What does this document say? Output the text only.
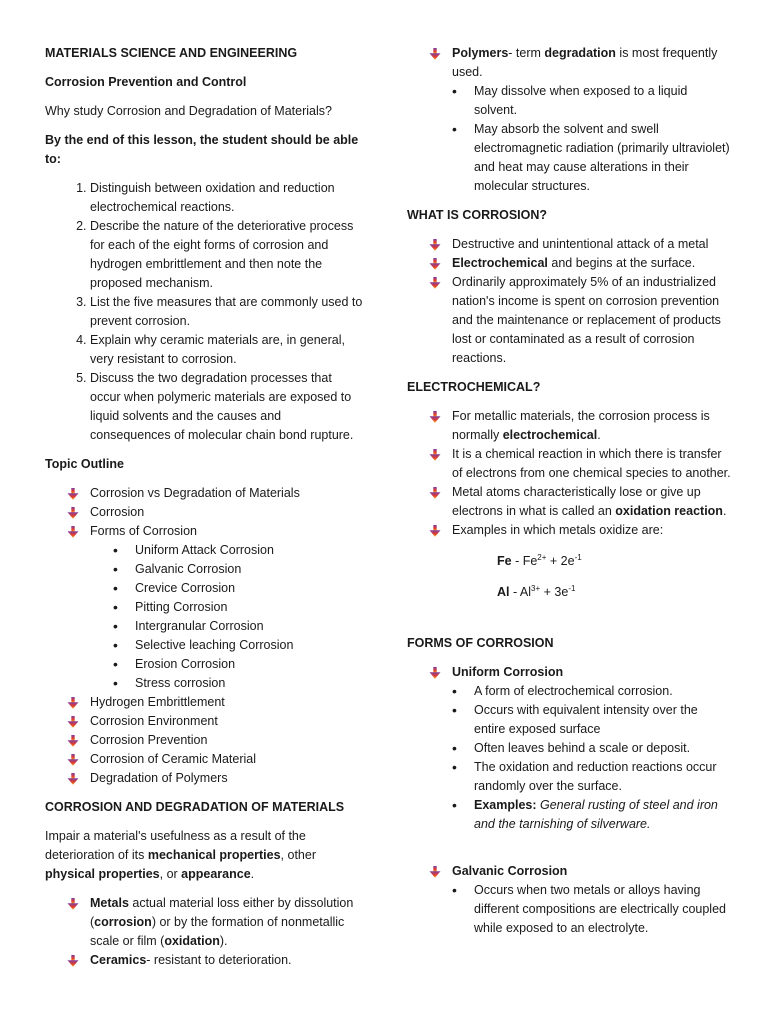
MATERIALS SCIENCE AND ENGINEERING

Corrosion Prevention and Control

Why study Corrosion and Degradation of Materials?

By the end of this lesson, the student should be able to:

1. Distinguish between oxidation and reduction electrochemical reactions.
2. Describe the nature of the deteriorative process for each of the eight forms of corrosion and hydrogen embrittlement and then note the proposed mechanism.
3. List the five measures that are commonly used to prevent corrosion.
4. Explain why ceramic materials are, in general, very resistant to corrosion.
5. Discuss the two degradation processes that occur when polymeric materials are exposed to liquid solvents and the causes and consequences of molecular chain bond rupture.

Topic Outline

Corrosion vs Degradation of Materials
Corrosion
Forms of Corrosion
• Uniform Attack Corrosion
• Galvanic Corrosion
• Crevice Corrosion
• Pitting Corrosion
• Intergranular Corrosion
• Selective leaching Corrosion
• Erosion Corrosion
• Stress corrosion
Hydrogen Embrittlement
Corrosion Environment
Corrosion Prevention
Corrosion of Ceramic Material
Degradation of Polymers

CORROSION AND DEGRADATION OF MATERIALS

Impair a material's usefulness as a result of the deterioration of its mechanical properties, other physical properties, or appearance.

Metals actual material loss either by dissolution (corrosion) or by the formation of nonmetallic scale or film (oxidation).
Ceramics- resistant to deterioration.
Polymers- term degradation is most frequently used.
• May dissolve when exposed to a liquid solvent.
• May absorb the solvent and swell electromagnetic radiation (primarily ultraviolet) and heat may cause alterations in their molecular structures.

WHAT IS CORROSION?

Destructive and unintentional attack of a metal
Electrochemical and begins at the surface.
Ordinarily approximately 5% of an industrialized nation's income is spent on corrosion prevention and the maintenance or replacement of products lost or contaminated as a result of corrosion reactions.

ELECTROCHEMICAL?

For metallic materials, the corrosion process is normally electrochemical.
It is a chemical reaction in which there is transfer of electrons from one chemical species to another.
Metal atoms characteristically lose or give up electrons in what is called an oxidation reaction.
Examples in which metals oxidize are:
$Fe - Fe^{2+} + 2e^{-1}$
$Al - Al^{3+} + 3e^{-1}$

FORMS OF CORROSION

Uniform Corrosion
• A form of electrochemical corrosion.
• Occurs with equivalent intensity over the entire exposed surface
• Often leaves behind a scale or deposit.
• The oxidation and reduction reactions occur randomly over the surface.
• Examples: General rusting of steel and iron and the tarnishing of silverware.
Galvanic Corrosion
• Occurs when two metals or alloys having different compositions are electrically coupled while exposed to an electrolyte.
